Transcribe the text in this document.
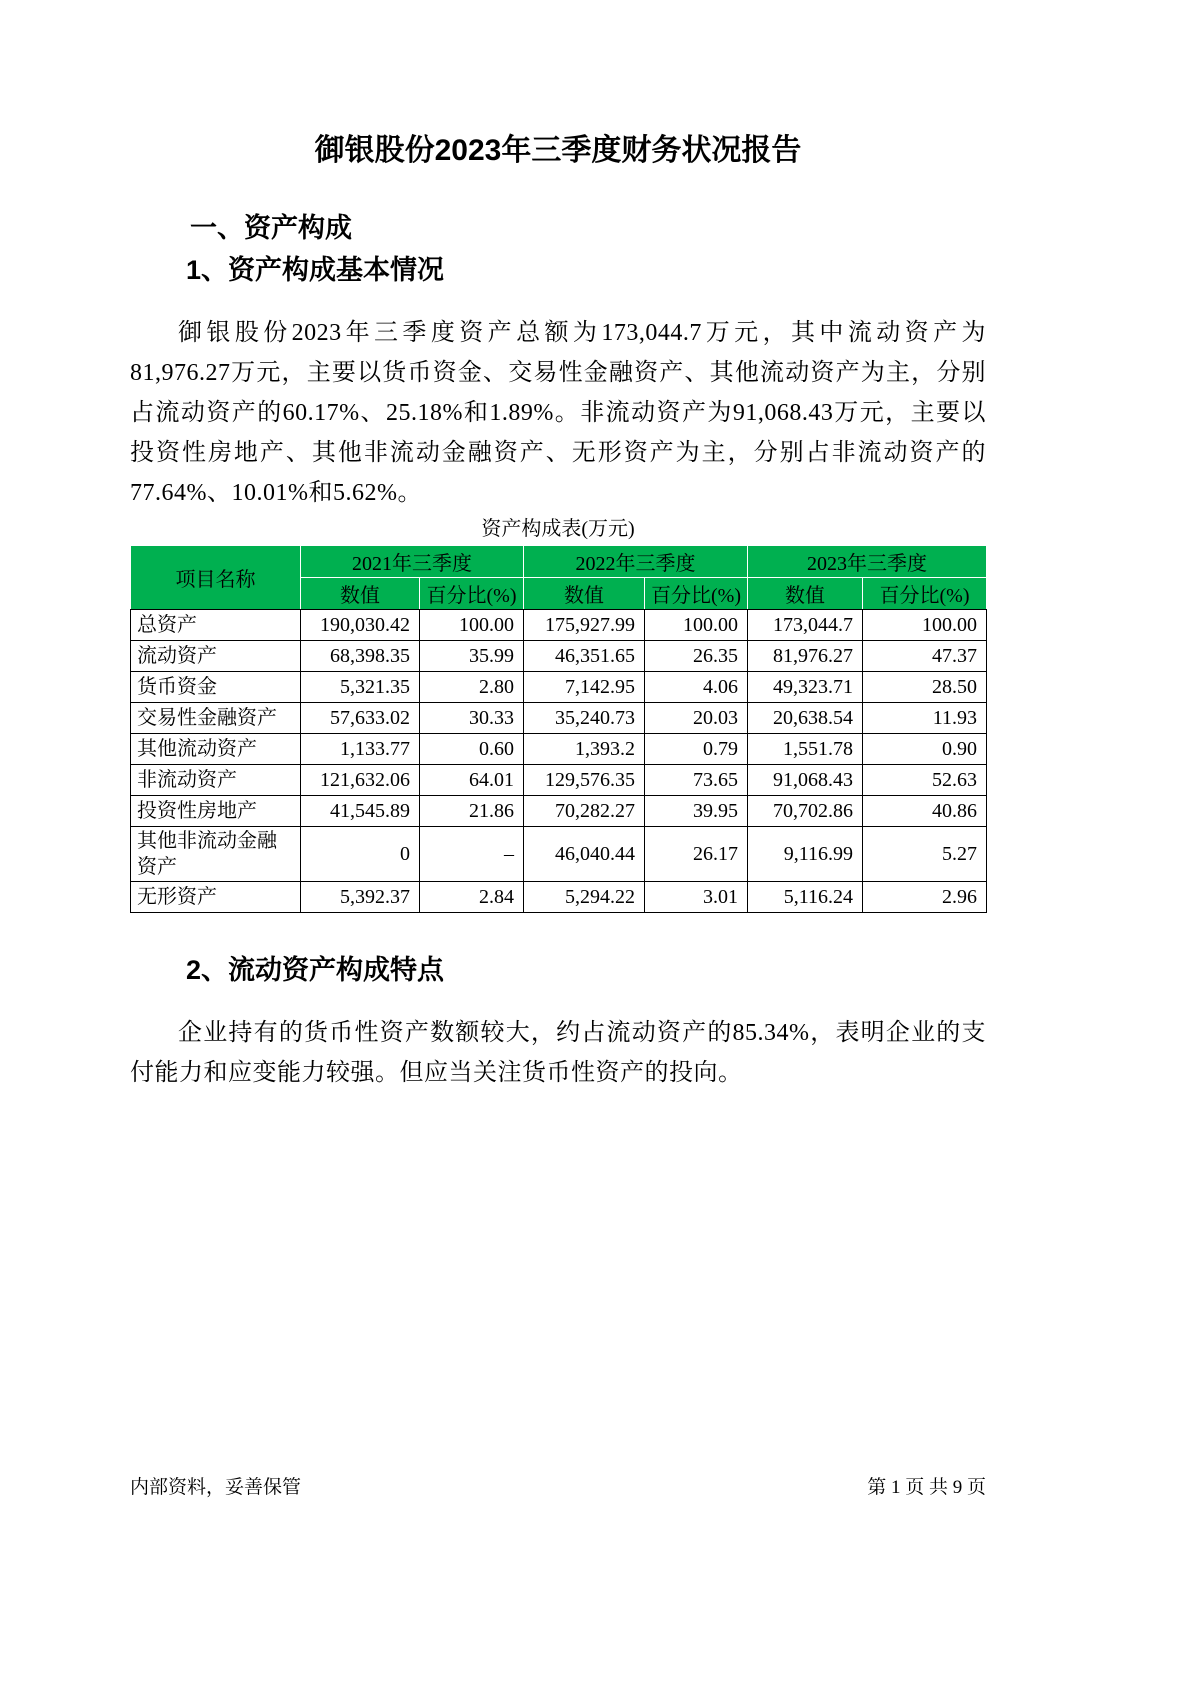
御银股份2023年三季度财务状况报告
一、资产构成
1、资产构成基本情况
御银股份2023年三季度资产总额为173,044.7万元，其中流动资产为81,976.27万元，主要以货币资金、交易性金融资产、其他流动资产为主，分别占流动资产的60.17%、25.18%和1.89%。非流动资产为91,068.43万元，主要以投资性房地产、其他非流动金融资产、无形资产为主，分别占非流动资产的77.64%、10.01%和5.62%。
资产构成表(万元)
项目名称	2021年三季度		2022年三季度		2023年三季度	
	数值	百分比(%)	数值	百分比(%)	数值	百分比(%)
总资产	190,030.42	100.00	175,927.99	100.00	173,044.7	100.00
流动资产	68,398.35	35.99	46,351.65	26.35	81,976.27	47.37
货币资金	5,321.35	2.80	7,142.95	4.06	49,323.71	28.50
交易性金融资产	57,633.02	30.33	35,240.73	20.03	20,638.54	11.93
其他流动资产	1,133.77	0.60	1,393.2	0.79	1,551.78	0.90
非流动资产	121,632.06	64.01	129,576.35	73.65	91,068.43	52.63
投资性房地产	41,545.89	21.86	70,282.27	39.95	70,702.86	40.86
其他非流动金融资产	0	–	46,040.44	26.17	9,116.99	5.27
无形资产	5,392.37	2.84	5,294.22	3.01	5,116.24	2.96
2、流动资产构成特点
企业持有的货币性资产数额较大，约占流动资产的85.34%，表明企业的支付能力和应变能力较强。但应当关注货币性资产的投向。
内部资料，妥善保管	第 1 页 共 9 页
